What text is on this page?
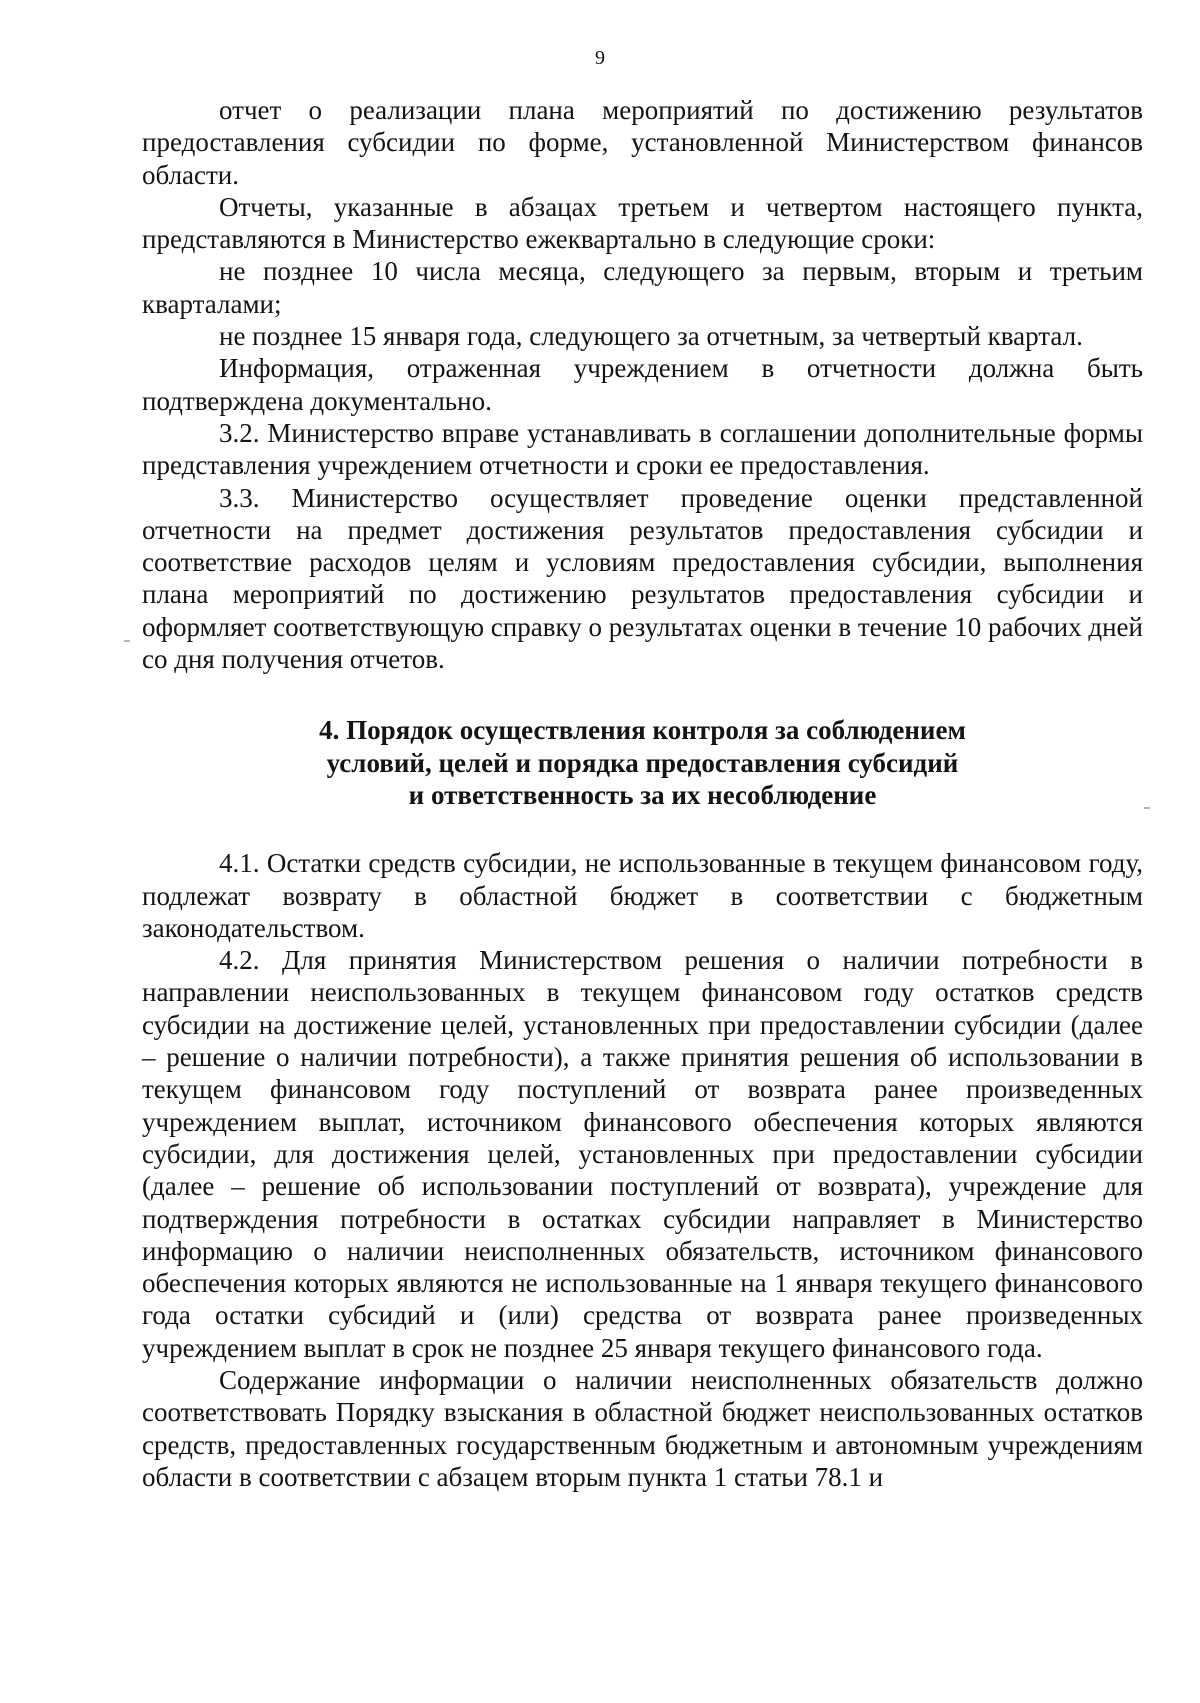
9

отчет о реализации плана мероприятий по достижению результатов предоставления субсидии по форме, установленной Министерством финансов области.

Отчеты, указанные в абзацах третьем и четвертом настоящего пункта, представляются в Министерство ежеквартально в следующие сроки:

не позднее 10 числа месяца, следующего за первым, вторым и третьим кварталами;

не позднее 15 января года, следующего за отчетным, за четвертый квартал.

Информация, отраженная учреждением в отчетности должна быть подтверждена документально.

3.2. Министерство вправе устанавливать в соглашении дополнительные формы представления учреждением отчетности и сроки ее предоставления.

3.3. Министерство осуществляет проведение оценки представленной отчетности на предмет достижения результатов предоставления субсидии и соответствие расходов целям и условиям предоставления субсидии, выполнения плана мероприятий по достижению результатов предоставления субсидии и оформляет соответствующую справку о результатах оценки в течение 10 рабочих дней со дня получения отчетов.

4. Порядок осуществления контроля за соблюдением
условий, целей и порядка предоставления субсидий
и ответственность за их несоблюдение

4.1. Остатки средств субсидии, не использованные в текущем финансовом году, подлежат возврату в областной бюджет в соответствии с бюджетным законодательством.

4.2. Для принятия Министерством решения о наличии потребности в направлении неиспользованных в текущем финансовом году остатков средств субсидии на достижение целей, установленных при предоставлении субсидии (далее – решение о наличии потребности), а также принятия решения об использовании в текущем финансовом году поступлений от возврата ранее произведенных учреждением выплат, источником финансового обеспечения которых являются субсидии, для достижения целей, установленных при предоставлении субсидии (далее – решение об использовании поступлений от возврата), учреждение для подтверждения потребности в остатках субсидии направляет в Министерство информацию о наличии неисполненных обязательств, источником финансового обеспечения которых являются не использованные на 1 января текущего финансового года остатки субсидий и (или) средства от возврата ранее произведенных учреждением выплат в срок не позднее 25 января текущего финансового года.

Содержание информации о наличии неисполненных обязательств должно соответствовать Порядку взыскания в областной бюджет неиспользованных остатков средств, предоставленных государственным бюджетным и автономным учреждениям области в соответствии с абзацем вторым пункта 1 статьи 78.1 и
